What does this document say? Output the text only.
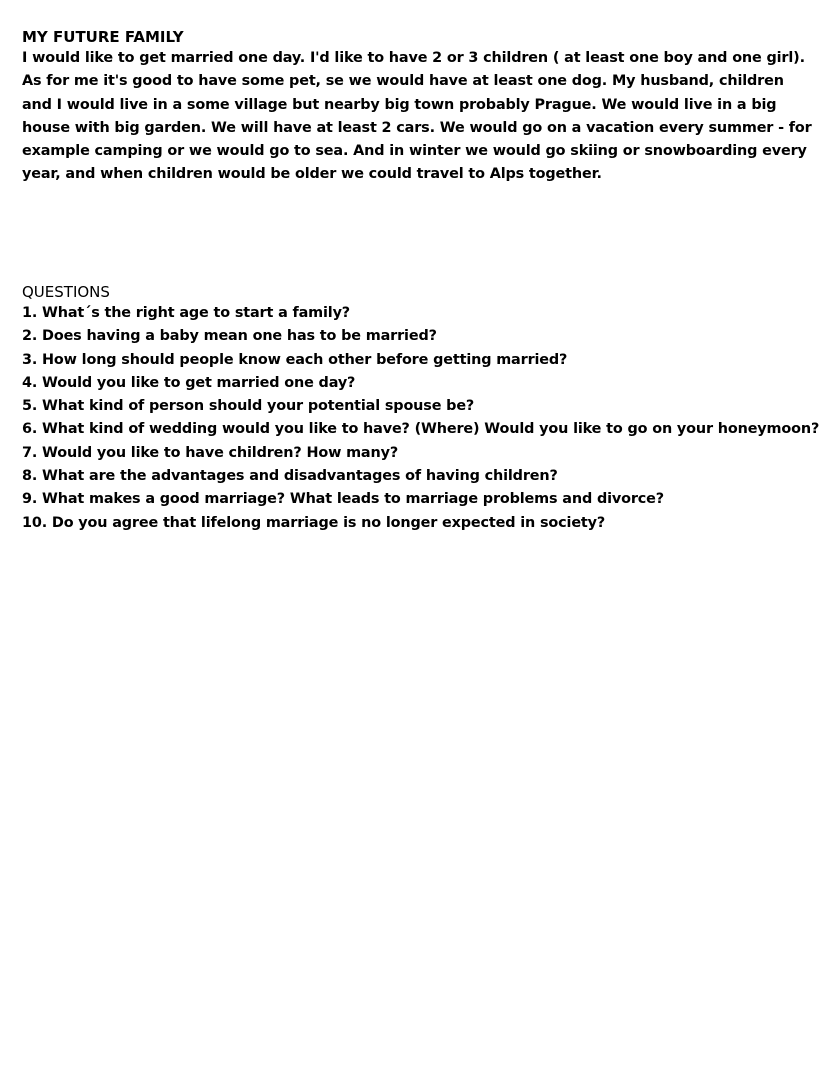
MY FUTURE FAMILY

I would like to get married one day. I'd like to have 2 or 3 children ( at least one boy and one girl). As for me it's good to have some pet, se we would have at least one dog. My husband, children and I would live in a some village but nearby big town probably Prague. We would live in a big house with big garden. We will have at least 2 cars. We would go on a vacation every summer - for example camping or we would go to sea. And in winter we would go skiing or snowboarding every year, and when children would be older we could travel to Alps together.

QUESTIONS
1. What´s the right age to start a family?
2. Does having a baby mean one has to be married?
3. How long should people know each other before getting married?
4. Would you like to get married one day?
5. What kind of person should your potential spouse be?
6. What kind of wedding would you like to have? (Where) Would you like to go on your honeymoon?
7. Would you like to have children? How many?
8. What are the advantages and disadvantages of having children?
9. What makes a good marriage? What leads to marriage problems and divorce?
10. Do you agree that lifelong marriage is no longer expected in society?
